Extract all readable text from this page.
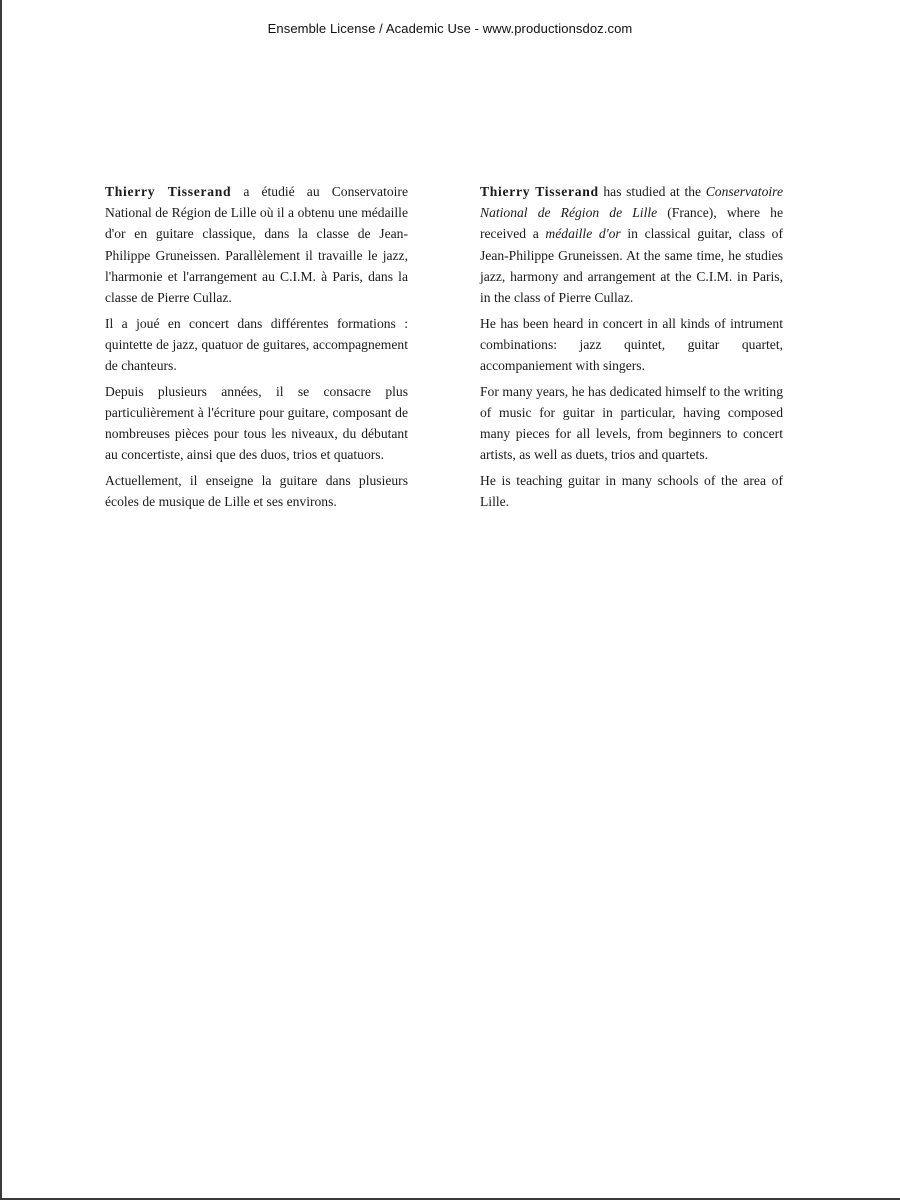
Ensemble License / Academic Use - www.productionsdoz.com

Thierry Tisserand a étudié au Conservatoire National de Région de Lille où il a obtenu une médaille d'or en guitare classique, dans la classe de Jean-Philippe Gruneissen. Parallèlement il travaille le jazz, l'harmonie et l'arrangement au C.I.M. à Paris, dans la classe de Pierre Cullaz.

Il a joué en concert dans différentes formations : quintette de jazz, quatuor de guitares, accompagnement de chanteurs.

Depuis plusieurs années, il se consacre plus particulièrement à l'écriture pour guitare, composant de nombreuses pièces pour tous les niveaux, du débutant au concertiste, ainsi que des duos, trios et quatuors.

Actuellement, il enseigne la guitare dans plusieurs écoles de musique de Lille et ses environs.

Thierry Tisserand has studied at the Conservatoire National de Région de Lille (France), where he received a médaille d'or in classical guitar, class of Jean-Philippe Gruneissen. At the same time, he studies jazz, harmony and arrangement at the C.I.M. in Paris, in the class of Pierre Cullaz.

He has been heard in concert in all kinds of intrument combinations: jazz quintet, guitar quartet, accompaniement with singers.

For many years, he has dedicated himself to the writing of music for guitar in particular, having composed many pieces for all levels, from beginners to concert artists, as well as duets, trios and quartets.

He is teaching guitar in many schools of the area of Lille.
